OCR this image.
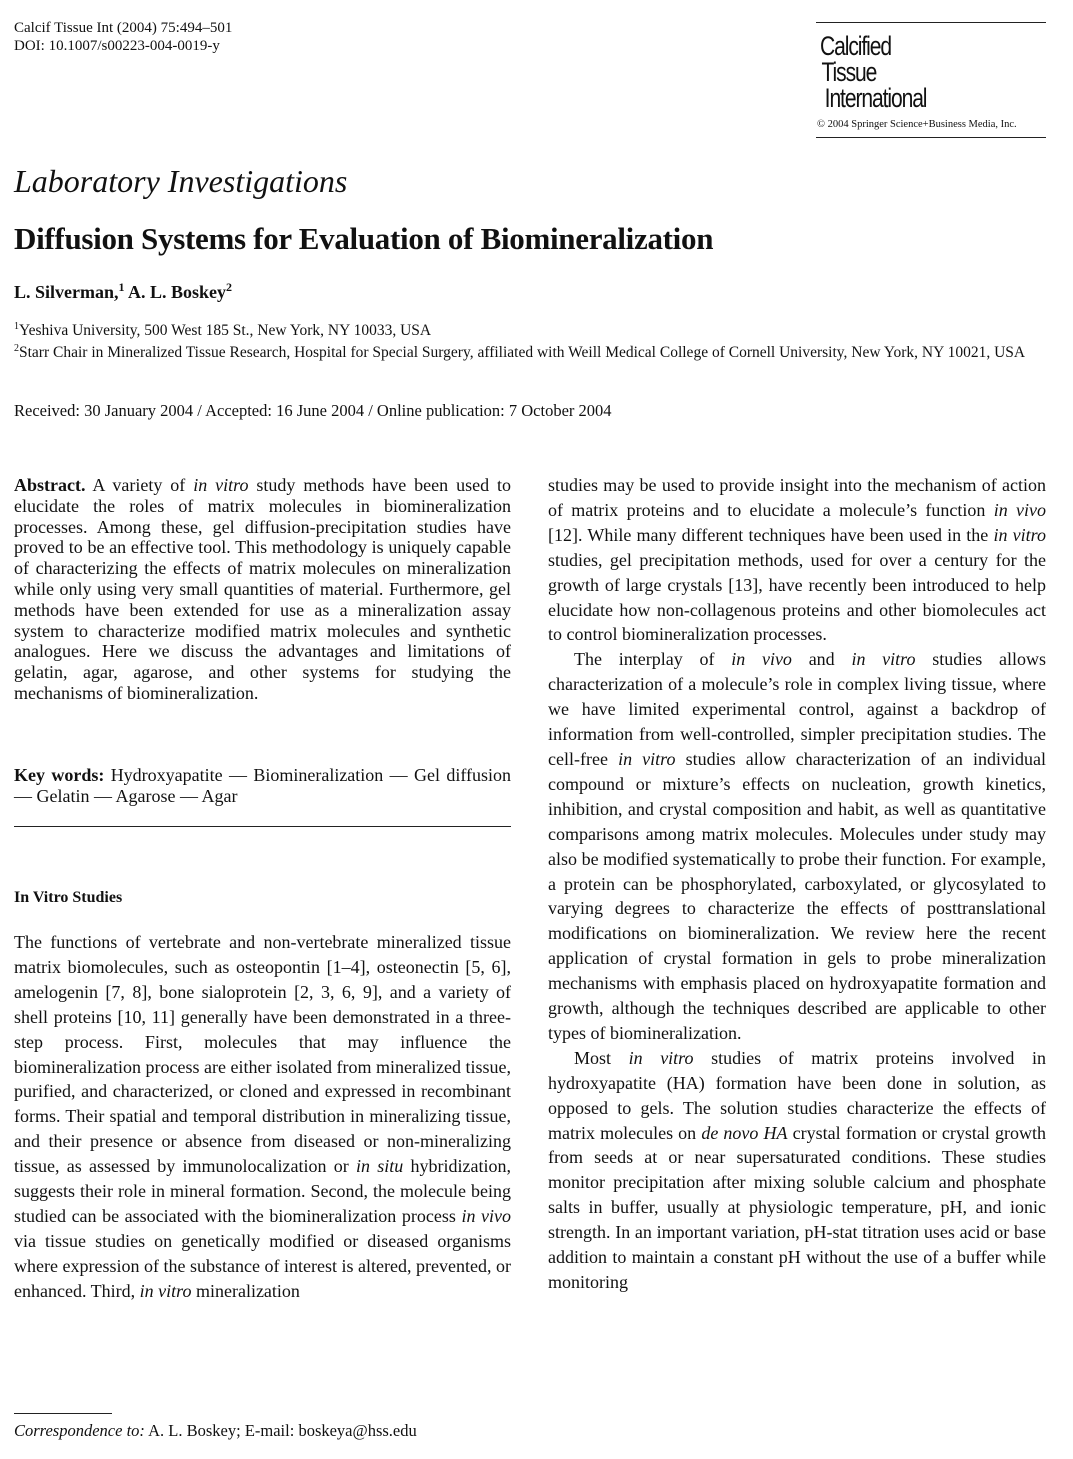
Calcif Tissue Int (2004) 75:494–501
DOI: 10.1007/s00223-004-0019-y	Calcified
Tissue
International
© 2004 Springer Science+Business Media, Inc.
Laboratory Investigations
Diffusion Systems for Evaluation of Biomineralization
L. Silverman,$^1$ A. L. Boskey$^2$
$^1$Yeshiva University, 500 West 185 St., New York, NY 10033, USA
$^2$Starr Chair in Mineralized Tissue Research, Hospital for Special Surgery, affiliated with Weill Medical College of Cornell University, New York, NY 10021, USA
Received: 30 January 2004 / Accepted: 16 June 2004 / Online publication: 7 October 2004
Abstract. A variety of in vitro study methods have been used to elucidate the roles of matrix molecules in biomineralization processes. Among these, gel diffusion-precipitation studies have proved to be an effective tool. This methodology is uniquely capable of characterizing the effects of matrix molecules on mineralization while only using very small quantities of material. Furthermore, gel methods have been extended for use as a mineralization assay system to characterize modified matrix molecules and synthetic analogues. Here we discuss the advantages and limitations of gelatin, agar, agarose, and other systems for studying the mechanisms of biomineralization.
Key words: Hydroxyapatite — Biomineralization — Gel diffusion — Gelatin — Agarose — Agar
In Vitro Studies
The functions of vertebrate and non-vertebrate mineralized tissue matrix biomolecules, such as osteopontin [1–4], osteonectin [5, 6], amelogenin [7, 8], bone sialoprotein [2, 3, 6, 9], and a variety of shell proteins [10, 11] generally have been demonstrated in a three-step process. First, molecules that may influence the biomineralization process are either isolated from mineralized tissue, purified, and characterized, or cloned and expressed in recombinant forms. Their spatial and temporal distribution in mineralizing tissue, and their presence or absence from diseased or non-mineralizing tissue, as assessed by immunolocalization or in situ hybridization, suggests their role in mineral formation. Second, the molecule being studied can be associated with the biomineralization process in vivo via tissue studies on genetically modified or diseased organisms where expression of the substance of interest is altered, prevented, or enhanced. Third, in vitro mineralization

studies may be used to provide insight into the mechanism of action of matrix proteins and to elucidate a molecule’s function in vivo [12]. While many different techniques have been used in the in vitro studies, gel precipitation methods, used for over a century for the growth of large crystals [13], have recently been introduced to help elucidate how non-collagenous proteins and other biomolecules act to control biomineralization processes.

The interplay of in vivo and in vitro studies allows characterization of a molecule’s role in complex living tissue, where we have limited experimental control, against a backdrop of information from well-controlled, simpler precipitation studies. The cell-free in vitro studies allow characterization of an individual compound or mixture’s effects on nucleation, growth kinetics, inhibition, and crystal composition and habit, as well as quantitative comparisons among matrix molecules. Molecules under study may also be modified systematically to probe their function. For example, a protein can be phosphorylated, carboxylated, or glycosylated to varying degrees to characterize the effects of posttranslational modifications on biomineralization. We review here the recent application of crystal formation in gels to probe mineralization mechanisms with emphasis placed on hydroxyapatite formation and growth, although the techniques described are applicable to other types of biomineralization.

Most in vitro studies of matrix proteins involved in hydroxyapatite (HA) formation have been done in solution, as opposed to gels. The solution studies characterize the effects of matrix molecules on de novo HA crystal formation or crystal growth from seeds at or near supersaturated conditions. These studies monitor precipitation after mixing soluble calcium and phosphate salts in buffer, usually at physiologic temperature, pH, and ionic strength. In an important variation, pH-stat titration uses acid or base addition to maintain a constant pH without the use of a buffer while monitoring

Correspondence to: A. L. Boskey; E-mail: boskeya@hss.edu
